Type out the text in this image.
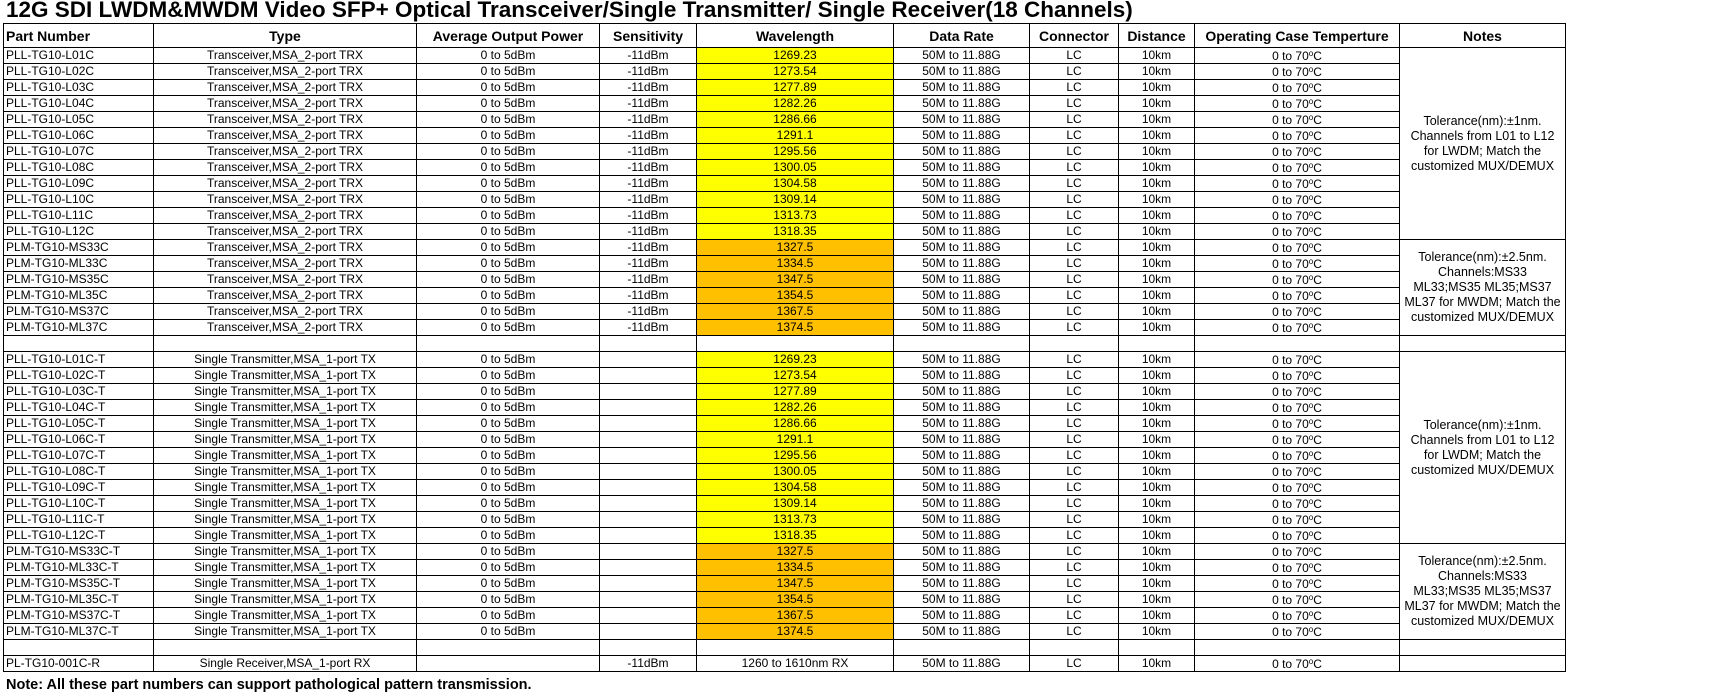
12G SDI LWDM&MWDM Video SFP+ Optical Transceiver/Single Transmitter/ Single Receiver(18 Channels)
Part Number	Type	Average Output Power	Sensitivity	Wavelength	Data Rate	Connector	Distance	Operating Case Temperture	Notes
PLL-TG10-L01C	Transceiver,MSA_2-port TRX	0 to 5dBm	-11dBm	1269.23	50M to 11.88G	LC	10km	0 to 70$^o$C	Tolerance(nm):±1nm. Channels from L01 to L12 for LWDM; Match the customized MUX/DEMUX
PLL-TG10-L02C	Transceiver,MSA_2-port TRX	0 to 5dBm	-11dBm	1273.54	50M to 11.88G	LC	10km	0 to 70$^o$C	
PLL-TG10-L03C	Transceiver,MSA_2-port TRX	0 to 5dBm	-11dBm	1277.89	50M to 11.88G	LC	10km	0 to 70$^o$C	
PLL-TG10-L04C	Transceiver,MSA_2-port TRX	0 to 5dBm	-11dBm	1282.26	50M to 11.88G	LC	10km	0 to 70$^o$C	
PLL-TG10-L05C	Transceiver,MSA_2-port TRX	0 to 5dBm	-11dBm	1286.66	50M to 11.88G	LC	10km	0 to 70$^o$C	
PLL-TG10-L06C	Transceiver,MSA_2-port TRX	0 to 5dBm	-11dBm	1291.1	50M to 11.88G	LC	10km	0 to 70$^o$C	
PLL-TG10-L07C	Transceiver,MSA_2-port TRX	0 to 5dBm	-11dBm	1295.56	50M to 11.88G	LC	10km	0 to 70$^o$C	
PLL-TG10-L08C	Transceiver,MSA_2-port TRX	0 to 5dBm	-11dBm	1300.05	50M to 11.88G	LC	10km	0 to 70$^o$C	
PLL-TG10-L09C	Transceiver,MSA_2-port TRX	0 to 5dBm	-11dBm	1304.58	50M to 11.88G	LC	10km	0 to 70$^o$C	
PLL-TG10-L10C	Transceiver,MSA_2-port TRX	0 to 5dBm	-11dBm	1309.14	50M to 11.88G	LC	10km	0 to 70$^o$C	
PLL-TG10-L11C	Transceiver,MSA_2-port TRX	0 to 5dBm	-11dBm	1313.73	50M to 11.88G	LC	10km	0 to 70$^o$C	
PLL-TG10-L12C	Transceiver,MSA_2-port TRX	0 to 5dBm	-11dBm	1318.35	50M to 11.88G	LC	10km	0 to 70$^o$C	
PLM-TG10-MS33C	Transceiver,MSA_2-port TRX	0 to 5dBm	-11dBm	1327.5	50M to 11.88G	LC	10km	0 to 70$^o$C	Tolerance(nm):±2.5nm. Channels:MS33 ML33;MS35 ML35;MS37 ML37 for MWDM; Match the customized MUX/DEMUX
PLM-TG10-ML33C	Transceiver,MSA_2-port TRX	0 to 5dBm	-11dBm	1334.5	50M to 11.88G	LC	10km	0 to 70$^o$C	
PLM-TG10-MS35C	Transceiver,MSA_2-port TRX	0 to 5dBm	-11dBm	1347.5	50M to 11.88G	LC	10km	0 to 70$^o$C	
PLM-TG10-ML35C	Transceiver,MSA_2-port TRX	0 to 5dBm	-11dBm	1354.5	50M to 11.88G	LC	10km	0 to 70$^o$C	
PLM-TG10-MS37C	Transceiver,MSA_2-port TRX	0 to 5dBm	-11dBm	1367.5	50M to 11.88G	LC	10km	0 to 70$^o$C	
PLM-TG10-ML37C	Transceiver,MSA_2-port TRX	0 to 5dBm	-11dBm	1374.5	50M to 11.88G	LC	10km	0 to 70$^o$C	

PLL-TG10-L01C-T	Single Transmitter,MSA_1-port TX	0 to 5dBm		1269.23	50M to 11.88G	LC	10km	0 to 70$^o$C	Tolerance(nm):±1nm. Channels from L01 to L12 for LWDM; Match the customized MUX/DEMUX
PLL-TG10-L02C-T	Single Transmitter,MSA_1-port TX	0 to 5dBm		1273.54	50M to 11.88G	LC	10km	0 to 70$^o$C	
PLL-TG10-L03C-T	Single Transmitter,MSA_1-port TX	0 to 5dBm		1277.89	50M to 11.88G	LC	10km	0 to 70$^o$C	
PLL-TG10-L04C-T	Single Transmitter,MSA_1-port TX	0 to 5dBm		1282.26	50M to 11.88G	LC	10km	0 to 70$^o$C	
PLL-TG10-L05C-T	Single Transmitter,MSA_1-port TX	0 to 5dBm		1286.66	50M to 11.88G	LC	10km	0 to 70$^o$C	
PLL-TG10-L06C-T	Single Transmitter,MSA_1-port TX	0 to 5dBm		1291.1	50M to 11.88G	LC	10km	0 to 70$^o$C	
PLL-TG10-L07C-T	Single Transmitter,MSA_1-port TX	0 to 5dBm		1295.56	50M to 11.88G	LC	10km	0 to 70$^o$C	
PLL-TG10-L08C-T	Single Transmitter,MSA_1-port TX	0 to 5dBm		1300.05	50M to 11.88G	LC	10km	0 to 70$^o$C	
PLL-TG10-L09C-T	Single Transmitter,MSA_1-port TX	0 to 5dBm		1304.58	50M to 11.88G	LC	10km	0 to 70$^o$C	
PLL-TG10-L10C-T	Single Transmitter,MSA_1-port TX	0 to 5dBm		1309.14	50M to 11.88G	LC	10km	0 to 70$^o$C	
PLL-TG10-L11C-T	Single Transmitter,MSA_1-port TX	0 to 5dBm		1313.73	50M to 11.88G	LC	10km	0 to 70$^o$C	
PLL-TG10-L12C-T	Single Transmitter,MSA_1-port TX	0 to 5dBm		1318.35	50M to 11.88G	LC	10km	0 to 70$^o$C	
PLM-TG10-MS33C-T	Single Transmitter,MSA_1-port TX	0 to 5dBm		1327.5	50M to 11.88G	LC	10km	0 to 70$^o$C	Tolerance(nm):±2.5nm. Channels:MS33 ML33;MS35 ML35;MS37 ML37 for MWDM; Match the customized MUX/DEMUX
PLM-TG10-ML33C-T	Single Transmitter,MSA_1-port TX	0 to 5dBm		1334.5	50M to 11.88G	LC	10km	0 to 70$^o$C	
PLM-TG10-MS35C-T	Single Transmitter,MSA_1-port TX	0 to 5dBm		1347.5	50M to 11.88G	LC	10km	0 to 70$^o$C	
PLM-TG10-ML35C-T	Single Transmitter,MSA_1-port TX	0 to 5dBm		1354.5	50M to 11.88G	LC	10km	0 to 70$^o$C	
PLM-TG10-MS37C-T	Single Transmitter,MSA_1-port TX	0 to 5dBm		1367.5	50M to 11.88G	LC	10km	0 to 70$^o$C	
PLM-TG10-ML37C-T	Single Transmitter,MSA_1-port TX	0 to 5dBm		1374.5	50M to 11.88G	LC	10km	0 to 70$^o$C	

PL-TG10-001C-R	Single Receiver,MSA_1-port RX		-11dBm	1260 to 1610nm RX	50M to 11.88G	LC	10km	0 to 70$^o$C	
Note: All these part numbers can support pathological pattern transmission.
